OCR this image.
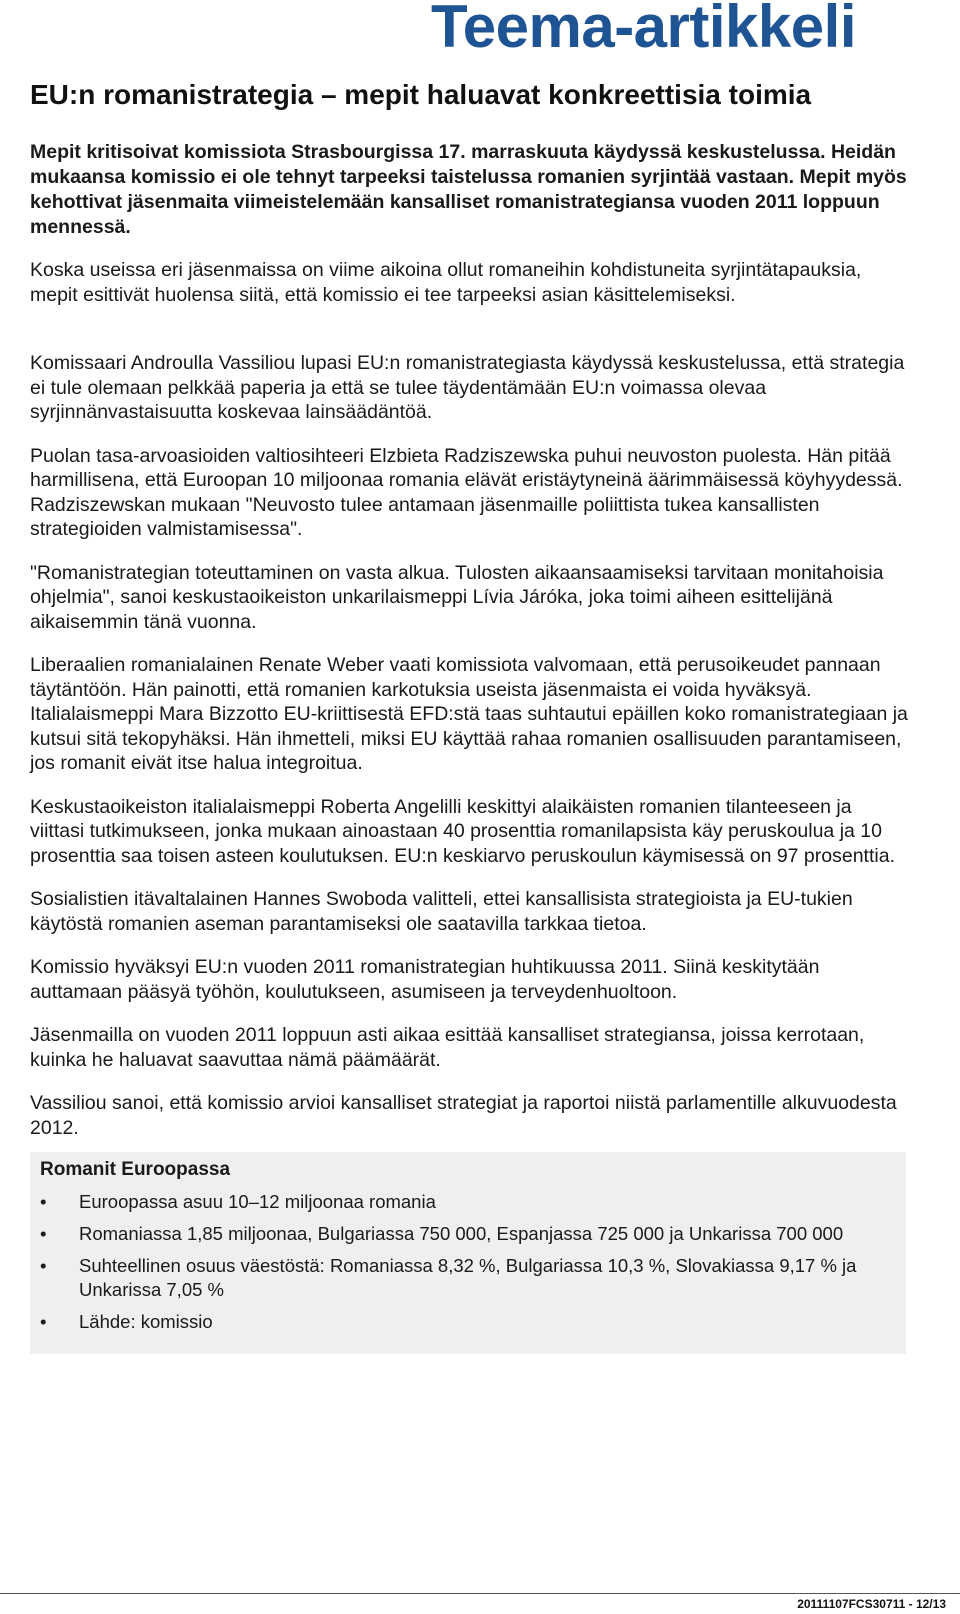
Teema-artikkeli
EU:n romanistrategia – mepit haluavat konkreettisia toimia

Mepit kritisoivat komissiota Strasbourgissa 17. marraskuuta käydyssä keskustelussa. Heidän mukaansa komissio ei ole tehnyt tarpeeksi taistelussa romanien syrjintää vastaan. Mepit myös kehottivat jäsenmaita viimeistelemään kansalliset romanistrategiansa vuoden 2011 loppuun mennessä.

Koska useissa eri jäsenmaissa on viime aikoina ollut romaneihin kohdistuneita syrjintätapauksia, mepit esittivät huolensa siitä, että komissio ei tee tarpeeksi asian käsittelemiseksi.

Komissaari Androulla Vassiliou lupasi EU:n romanistrategiasta käydyssä keskustelussa, että strategia ei tule olemaan pelkkää paperia ja että se tulee täydentämään EU:n voimassa olevaa syrjinnänvastaisuutta koskevaa lainsäädäntöä.

Puolan tasa-arvoasioiden valtiosihteeri Elzbieta Radziszewska puhui neuvoston puolesta. Hän pitää harmillisena, että Euroopan 10 miljoonaa romania elävät eristäytyneinä äärimmäisessä köyhyydessä. Radziszewskan mukaan "Neuvosto tulee antamaan jäsenmaille poliittista tukea kansallisten strategioiden valmistamisessa".

"Romanistrategian toteuttaminen on vasta alkua. Tulosten aikaansaamiseksi tarvitaan monitahoisia ohjelmia", sanoi keskustaoikeiston unkarilaismeppi Lívia Járóka, joka toimi aiheen esittelijänä aikaisemmin tänä vuonna.

Liberaalien romanialainen Renate Weber vaati komissiota valvomaan, että perusoikeudet pannaan täytäntöön. Hän painotti, että romanien karkotuksia useista jäsenmaista ei voida hyväksyä. Italialaismeppi Mara Bizzotto EU-kriittisestä EFD:stä taas suhtautui epäillen koko romanistrategiaan ja kutsui sitä tekopyhäksi. Hän ihmetteli, miksi EU käyttää rahaa romanien osallisuuden parantamiseen, jos romanit eivät itse halua integroitua.

Keskustaoikeiston italialaismeppi Roberta Angelilli keskittyi alaikäisten romanien tilanteeseen ja viittasi tutkimukseen, jonka mukaan ainoastaan 40 prosenttia romanilapsista käy peruskoulua ja 10 prosenttia saa toisen asteen koulutuksen. EU:n keskiarvo peruskoulun käymisessä on 97 prosenttia.

Sosialistien itävaltalainen Hannes Swoboda valitteli, ettei kansallisista strategioista ja EU-tukien käytöstä romanien aseman parantamiseksi ole saatavilla tarkkaa tietoa.

Komissio hyväksyi EU:n vuoden 2011 romanistrategian huhtikuussa 2011. Siinä keskitytään auttamaan pääsyä työhön, koulutukseen, asumiseen ja terveydenhuoltoon.

Jäsenmailla on vuoden 2011 loppuun asti aikaa esittää kansalliset strategiansa, joissa kerrotaan, kuinka he haluavat saavuttaa nämä päämäärät.

Vassiliou sanoi, että komissio arvioi kansalliset strategiat ja raportoi niistä parlamentille alkuvuodesta 2012.

Romanit Euroopassa

• Euroopassa asuu 10–12 miljoonaa romania
• Romaniassa 1,85 miljoonaa, Bulgariassa 750 000, Espanjassa 725 000 ja Unkarissa 700 000
• Suhteellinen osuus väestöstä: Romaniassa 8,32 %, Bulgariassa 10,3 %, Slovakiassa 9,17 % ja Unkarissa 7,05 %
• Lähde: komissio
20111107FCS30711 - 12/13
